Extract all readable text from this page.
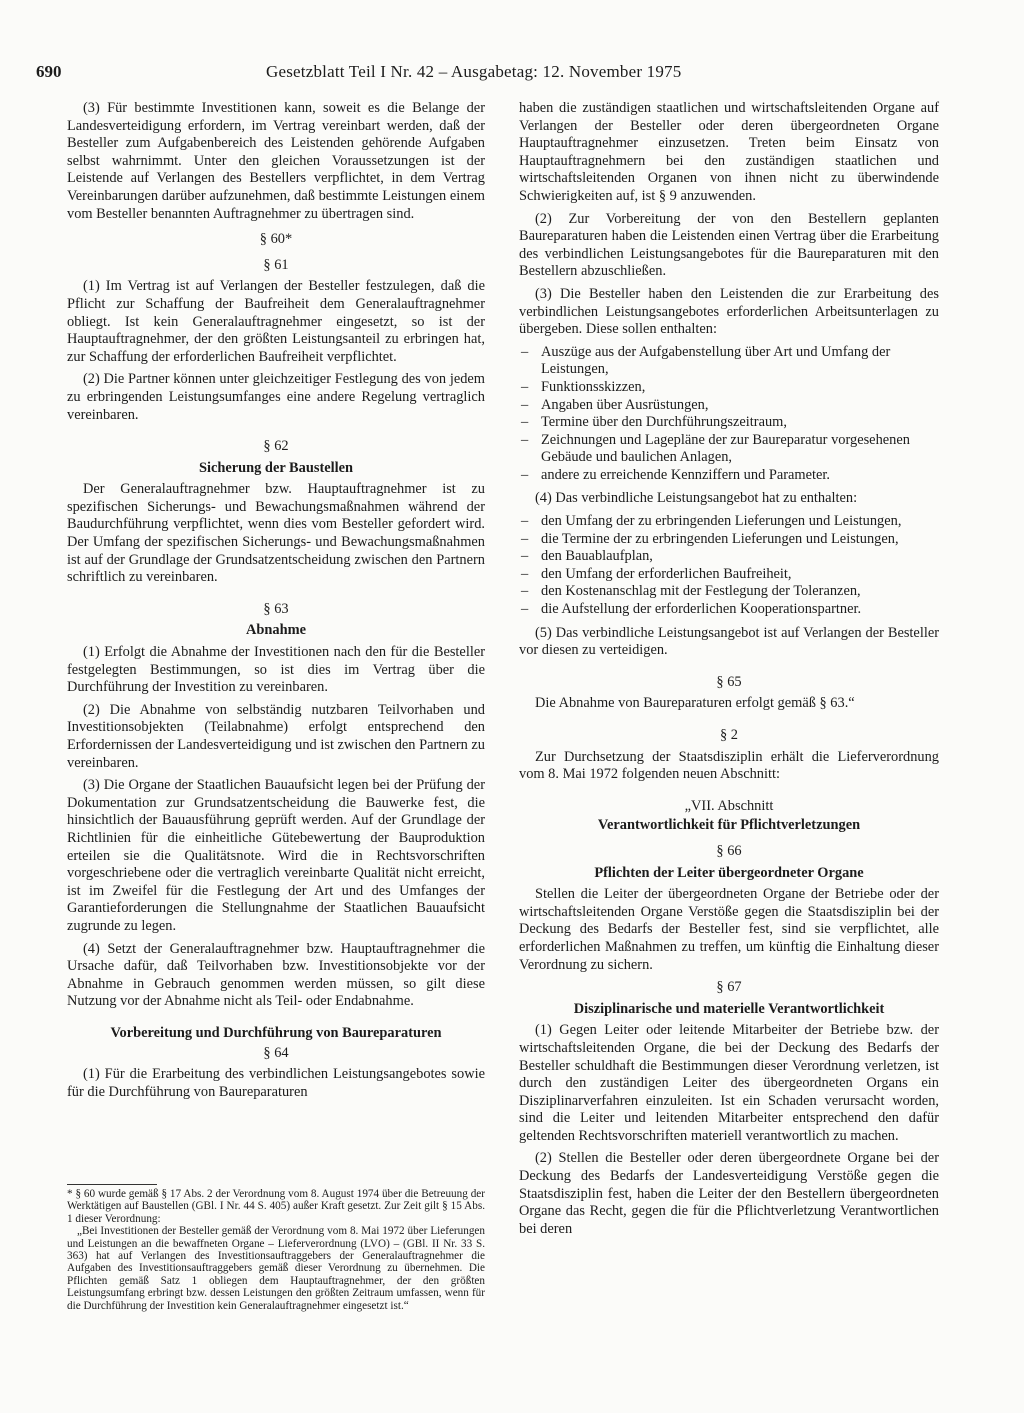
690	Gesetzblatt Teil I Nr. 42 – Ausgabetag: 12. November 1975

(3) Für bestimmte Investitionen kann, soweit es die Belange der Landesverteidigung erfordern, im Vertrag vereinbart werden, daß der Besteller zum Aufgabenbereich des Leistenden gehörende Aufgaben selbst wahrnimmt. Unter den gleichen Voraussetzungen ist der Leistende auf Verlangen des Bestellers verpflichtet, in dem Vertrag Vereinbarungen darüber aufzunehmen, daß bestimmte Leistungen einem vom Besteller benannten Auftragnehmer zu übertragen sind.

§ 60*
§ 61

(1) Im Vertrag ist auf Verlangen der Besteller festzulegen, daß die Pflicht zur Schaffung der Baufreiheit dem Generalauftragnehmer obliegt. Ist kein Generalauftragnehmer eingesetzt, so ist der Hauptauftragnehmer, der den größten Leistungsanteil zu erbringen hat, zur Schaffung der erforderlichen Baufreiheit verpflichtet.

(2) Die Partner können unter gleichzeitiger Festlegung des von jedem zu erbringenden Leistungsumfanges eine andere Regelung vertraglich vereinbaren.

§ 62
Sicherung der Baustellen

Der Generalauftragnehmer bzw. Hauptauftragnehmer ist zu spezifischen Sicherungs- und Bewachungsmaßnahmen während der Baudurchführung verpflichtet, wenn dies vom Besteller gefordert wird. Der Umfang der spezifischen Sicherungs- und Bewachungsmaßnahmen ist auf der Grundlage der Grundsatzentscheidung zwischen den Partnern schriftlich zu vereinbaren.

§ 63
Abnahme

(1) Erfolgt die Abnahme der Investitionen nach den für die Besteller festgelegten Bestimmungen, so ist dies im Vertrag über die Durchführung der Investition zu vereinbaren.

(2) Die Abnahme von selbständig nutzbaren Teilvorhaben und Investitionsobjekten (Teilabnahme) erfolgt entsprechend den Erfordernissen der Landesverteidigung und ist zwischen den Partnern zu vereinbaren.

(3) Die Organe der Staatlichen Bauaufsicht legen bei der Prüfung der Dokumentation zur Grundsatzentscheidung die Bauwerke fest, die hinsichtlich der Bauausführung geprüft werden. Auf der Grundlage der Richtlinien für die einheitliche Gütebewertung der Bauproduktion erteilen sie die Qualitätsnote. Wird die in Rechtsvorschriften vorgeschriebene oder die vertraglich vereinbarte Qualität nicht erreicht, ist im Zweifel für die Festlegung der Art und des Umfanges der Garantieforderungen die Stellungnahme der Staatlichen Bauaufsicht zugrunde zu legen.

(4) Setzt der Generalauftragnehmer bzw. Hauptauftragnehmer die Ursache dafür, daß Teilvorhaben bzw. Investitionsobjekte vor der Abnahme in Gebrauch genommen werden müssen, so gilt diese Nutzung vor der Abnahme nicht als Teil- oder Endabnahme.

Vorbereitung und Durchführung von Baureparaturen
§ 64

(1) Für die Erarbeitung des verbindlichen Leistungsangebotes sowie für die Durchführung von Baureparaturen

* § 60 wurde gemäß § 17 Abs. 2 der Verordnung vom 8. August 1974 über die Betreuung der Werktätigen auf Baustellen (GBl. I Nr. 44 S. 405) außer Kraft gesetzt. Zur Zeit gilt § 15 Abs. 1 dieser Verordnung:

„Bei Investitionen der Besteller gemäß der Verordnung vom 8. Mai 1972 über Lieferungen und Leistungen an die bewaffneten Organe – Lieferverordnung (LVO) – (GBl. II Nr. 33 S. 363) hat auf Verlangen des Investitionsauftraggebers der Generalauftragnehmer die Aufgaben des Investitionsauftraggebers gemäß dieser Verordnung zu übernehmen. Die Pflichten gemäß Satz 1 obliegen dem Hauptauftragnehmer, der den größten Leistungsumfang erbringt bzw. dessen Leistungen den größten Zeitraum umfassen, wenn für die Durchführung der Investition kein Generalauftragnehmer eingesetzt ist.“

haben die zuständigen staatlichen und wirtschaftsleitenden Organe auf Verlangen der Besteller oder deren übergeordneten Organe Hauptauftragnehmer einzusetzen. Treten beim Einsatz von Hauptauftragnehmern bei den zuständigen staatlichen und wirtschaftsleitenden Organen von ihnen nicht zu überwindende Schwierigkeiten auf, ist § 9 anzuwenden.

(2) Zur Vorbereitung der von den Bestellern geplanten Baureparaturen haben die Leistenden einen Vertrag über die Erarbeitung des verbindlichen Leistungsangebotes für die Baureparaturen mit den Bestellern abzuschließen.

(3) Die Besteller haben den Leistenden die zur Erarbeitung des verbindlichen Leistungsangebotes erforderlichen Arbeitsunterlagen zu übergeben. Diese sollen enthalten:

– Auszüge aus der Aufgabenstellung über Art und Umfang der Leistungen,
– Funktionsskizzen,
– Angaben über Ausrüstungen,
– Termine über den Durchführungszeitraum,
– Zeichnungen und Lagepläne der zur Baureparatur vorgesehenen Gebäude und baulichen Anlagen,
– andere zu erreichende Kennziffern und Parameter.

(4) Das verbindliche Leistungsangebot hat zu enthalten:

– den Umfang der zu erbringenden Lieferungen und Leistungen,
– die Termine der zu erbringenden Lieferungen und Leistungen,
– den Bauablaufplan,
– den Umfang der erforderlichen Baufreiheit,
– den Kostenanschlag mit der Festlegung der Toleranzen,
– die Aufstellung der erforderlichen Kooperationspartner.

(5) Das verbindliche Leistungsangebot ist auf Verlangen der Besteller vor diesen zu verteidigen.

§ 65

Die Abnahme von Baureparaturen erfolgt gemäß § 63.“

§ 2

Zur Durchsetzung der Staatsdisziplin erhält die Lieferverordnung vom 8. Mai 1972 folgenden neuen Abschnitt:

„VII. Abschnitt
Verantwortlichkeit für Pflichtverletzungen
§ 66
Pflichten der Leiter übergeordneter Organe

Stellen die Leiter der übergeordneten Organe der Betriebe oder der wirtschaftsleitenden Organe Verstöße gegen die Staatsdisziplin bei der Deckung des Bedarfs der Besteller fest, sind sie verpflichtet, alle erforderlichen Maßnahmen zu treffen, um künftig die Einhaltung dieser Verordnung zu sichern.

§ 67
Disziplinarische und materielle Verantwortlichkeit

(1) Gegen Leiter oder leitende Mitarbeiter der Betriebe bzw. der wirtschaftsleitenden Organe, die bei der Deckung des Bedarfs der Besteller schuldhaft die Bestimmungen dieser Verordnung verletzen, ist durch den zuständigen Leiter des übergeordneten Organs ein Disziplinarverfahren einzuleiten. Ist ein Schaden verursacht worden, sind die Leiter und leitenden Mitarbeiter entsprechend den dafür geltenden Rechtsvorschriften materiell verantwortlich zu machen.

(2) Stellen die Besteller oder deren übergeordnete Organe bei der Deckung des Bedarfs der Landesverteidigung Verstöße gegen die Staatsdisziplin fest, haben die Leiter der den Bestellern übergeordneten Organe das Recht, gegen die für die Pflichtverletzung Verantwortlichen bei deren
